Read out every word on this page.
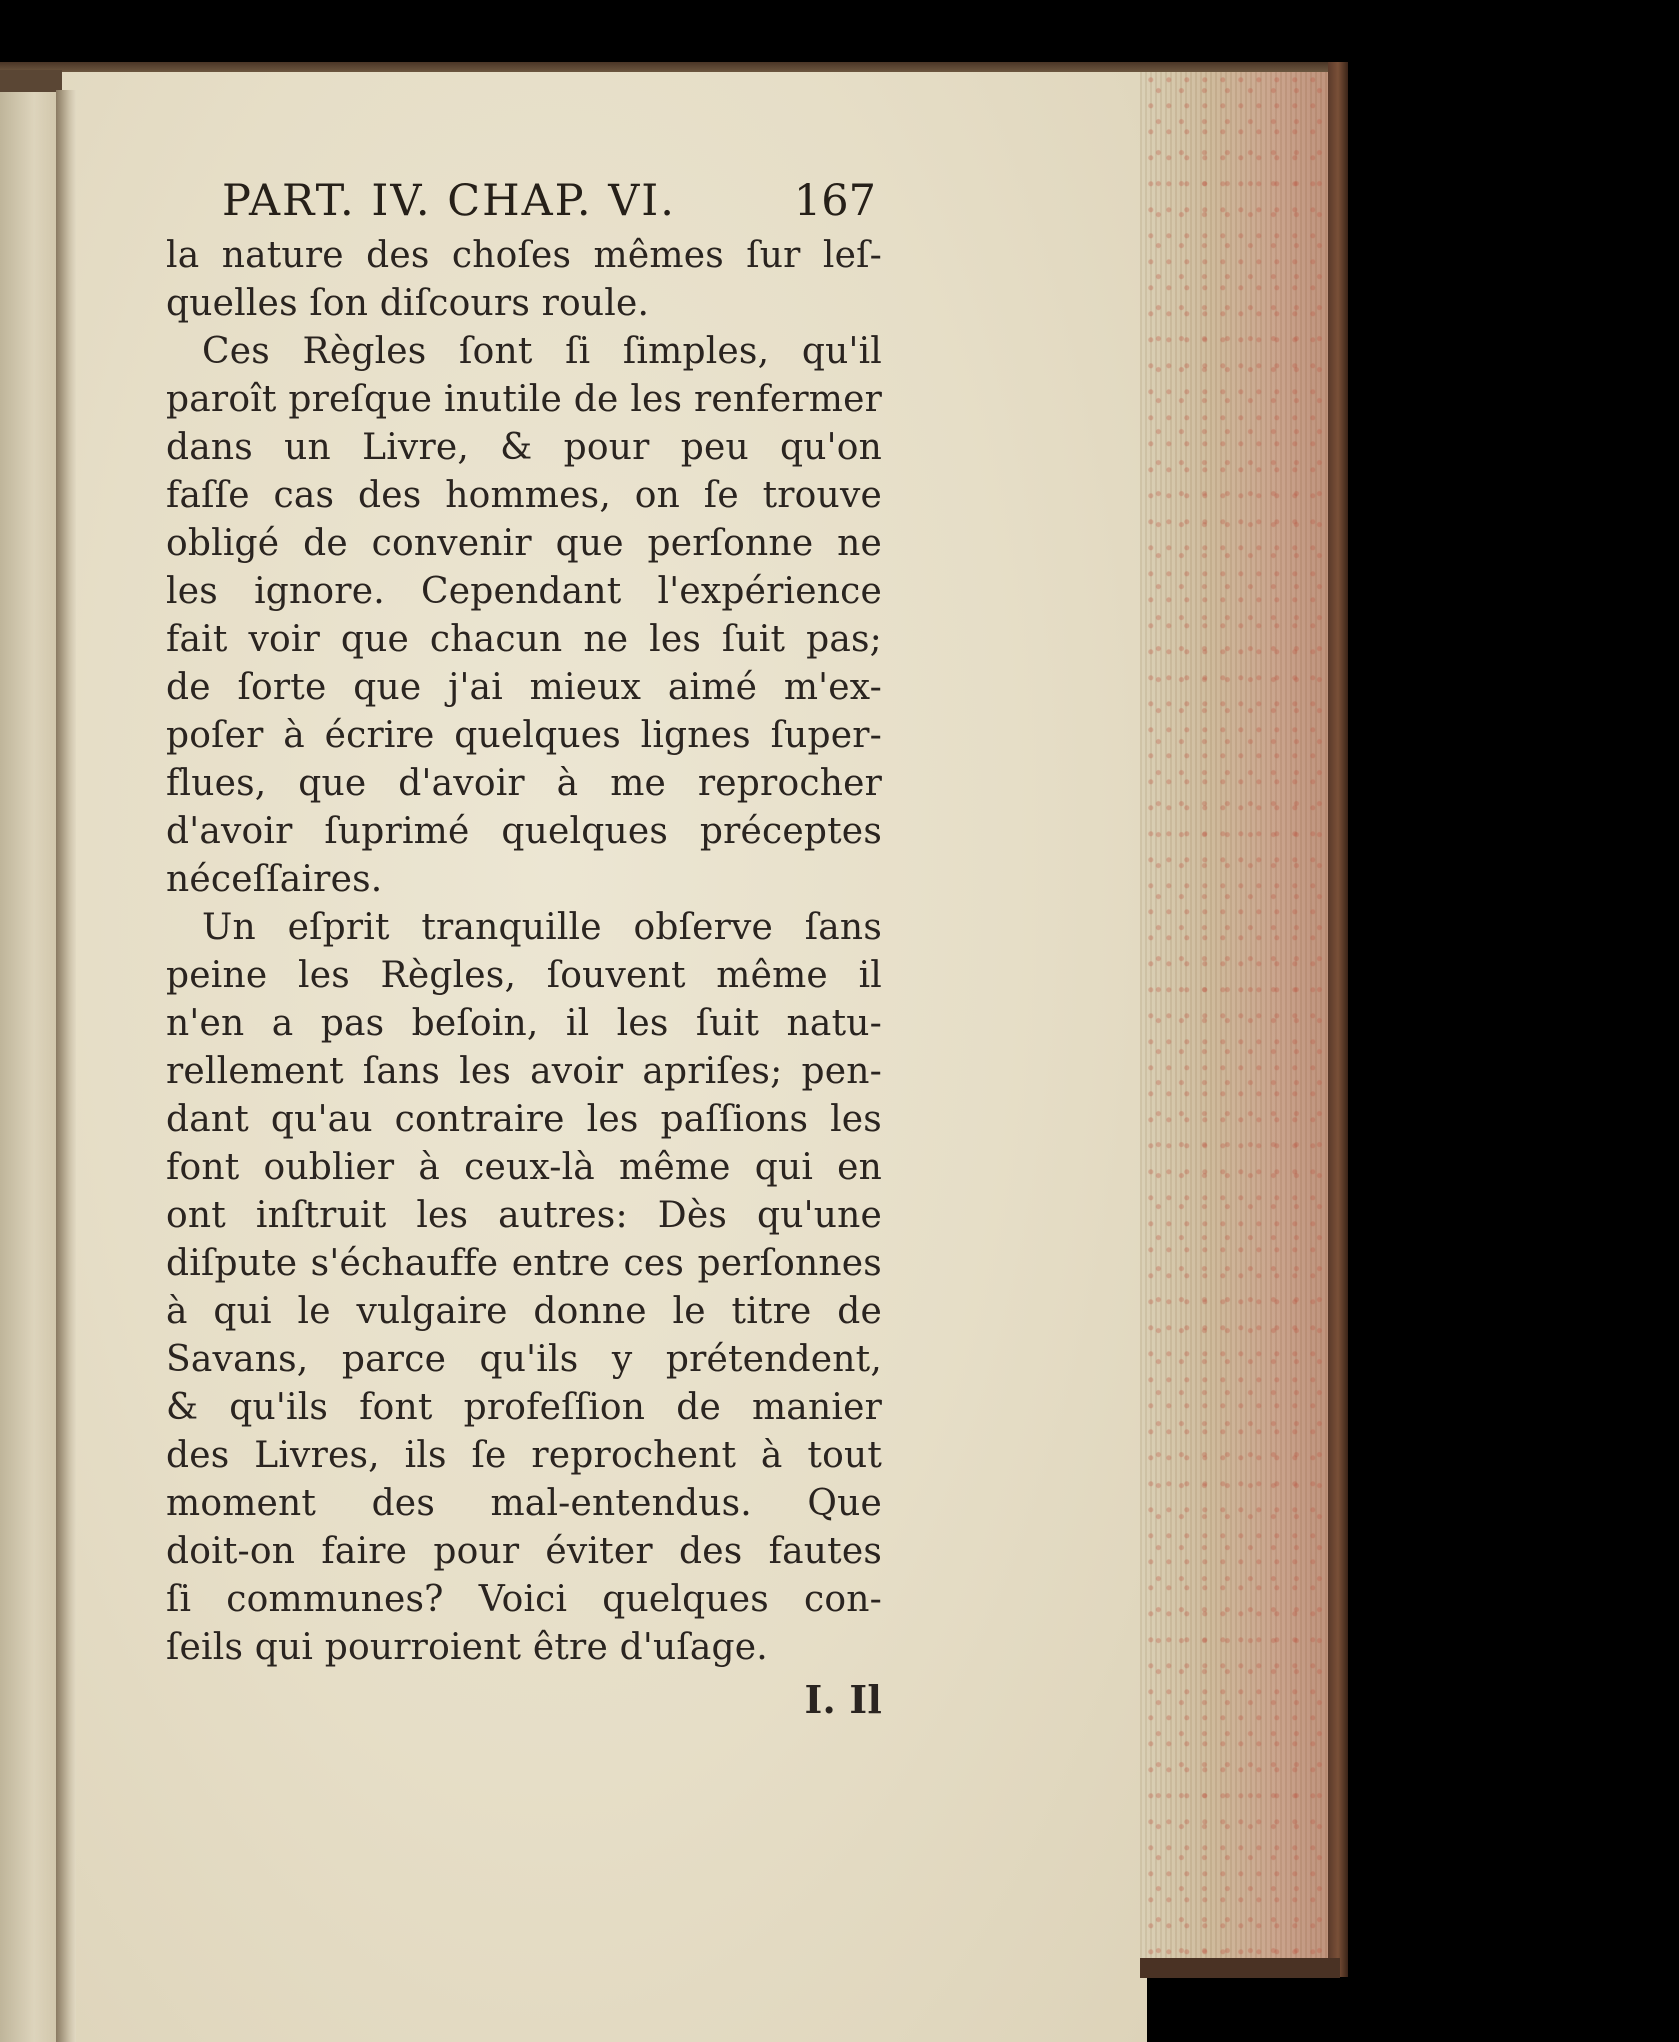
PART. IV. CHAP. VI.	167
la nature des choſes mêmes ſur leſ-
quelles ſon diſcours roule.
Ces Règles ſont ſi ſimples, qu'il
paroît preſque inutile de les renfermer
dans un Livre, & pour peu qu'on
faſſe cas des hommes, on ſe trouve
obligé de convenir que perſonne ne
les ignore. Cependant l'expérience
fait voir que chacun ne les ſuit pas;
de ſorte que j'ai mieux aimé m'ex-
poſer à écrire quelques lignes ſuper-
flues, que d'avoir à me reprocher
d'avoir ſuprimé quelques préceptes
néceſſaires.
Un eſprit tranquille obſerve ſans
peine les Règles, ſouvent même il
n'en a pas beſoin, il les ſuit natu-
rellement ſans les avoir apriſes; pen-
dant qu'au contraire les paſſions les
font oublier à ceux-là même qui en
ont inſtruit les autres: Dès qu'une
diſpute s'échauffe entre ces perſonnes
à qui le vulgaire donne le titre de
Savans, parce qu'ils y prétendent,
& qu'ils font profeſſion de manier
des Livres, ils ſe reprochent à tout
moment des mal-entendus. Que
doit-on faire pour éviter des fautes
ſi communes? Voici quelques con-
ſeils qui pourroient être d'uſage.
I. Il
